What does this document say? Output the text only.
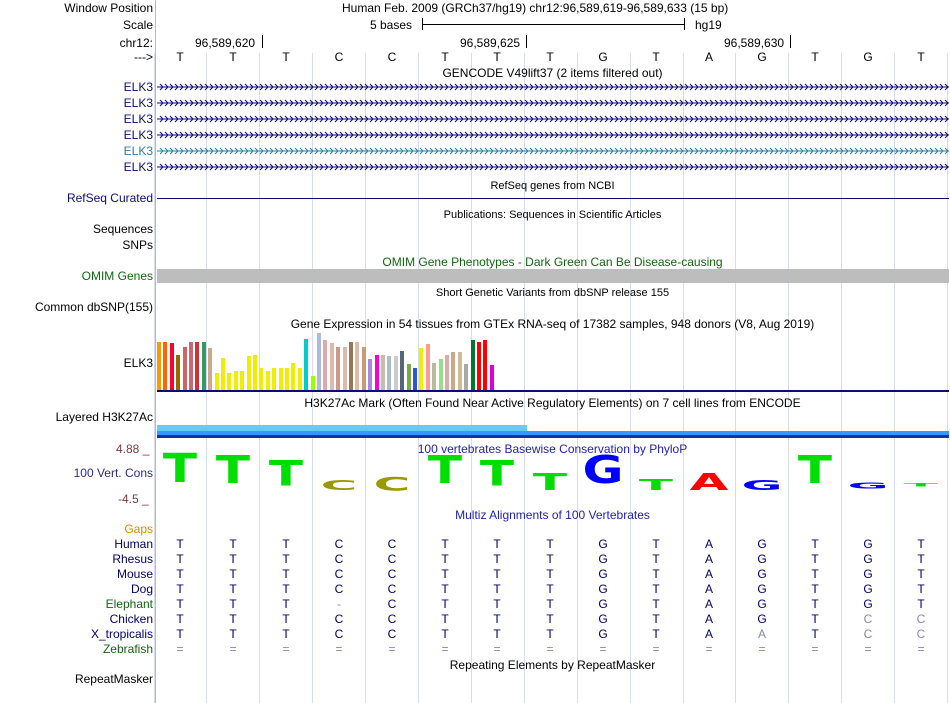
Window Position	Human Feb. 2009 (GRCh37/hg19) chr12:96,589,619-96,589,633 (15 bp)
Scale	5 bases	hg19
chr12:	96,589,620	96,589,625	96,589,630
--->	T	T	T	C	C	T	T	T	G	T	A	G	T	G	T
GENCODE V49lift37 (2 items filtered out)
ELK3
ELK3
ELK3
ELK3
ELK3
ELK3
RefSeq genes from NCBI
RefSeq Curated
Publications: Sequences in Scientific Articles
Sequences
SNPs
OMIM Gene Phenotypes - Dark Green Can Be Disease-causing
OMIM Genes
Short Genetic Variants from dbSNP release 155
Common dbSNP(155)
Gene Expression in 54 tissues from GTEx RNA-seq of 17382 samples, 948 donors (V8, Aug 2019)
ELK3
H3K27Ac Mark (Often Found Near Active Regulatory Elements) on 7 cell lines from ENCODE
Layered H3K27Ac
100 vertebrates Basewise Conservation by PhyloP
4.88 _
100 Vert. Cons
-4.5 _
T T T C C T T T G T A G T G T
Multiz Alignments of 100 Vertebrates
Gaps
Human	T	T	T	C	C	T	T	T	G	T	A	G	T	G	T
Rhesus	T	T	T	C	C	T	T	T	G	T	A	G	T	G	T
Mouse	T	T	T	C	C	T	T	T	G	T	A	G	T	G	T
Dog	T	T	T	C	C	T	T	T	G	T	A	G	T	G	T
Elephant	T	T	T	-	C	T	T	T	G	T	A	G	T	G	T
Chicken	T	T	T	C	C	T	T	T	G	T	A	G	T	C	C
X_tropicalis	T	T	T	C	C	T	T	T	G	T	A	A	T	C	C
Zebrafish	=	=	=	=	=	=	=	=	=	=	=	=	=	=	=
Repeating Elements by RepeatMasker
RepeatMasker
